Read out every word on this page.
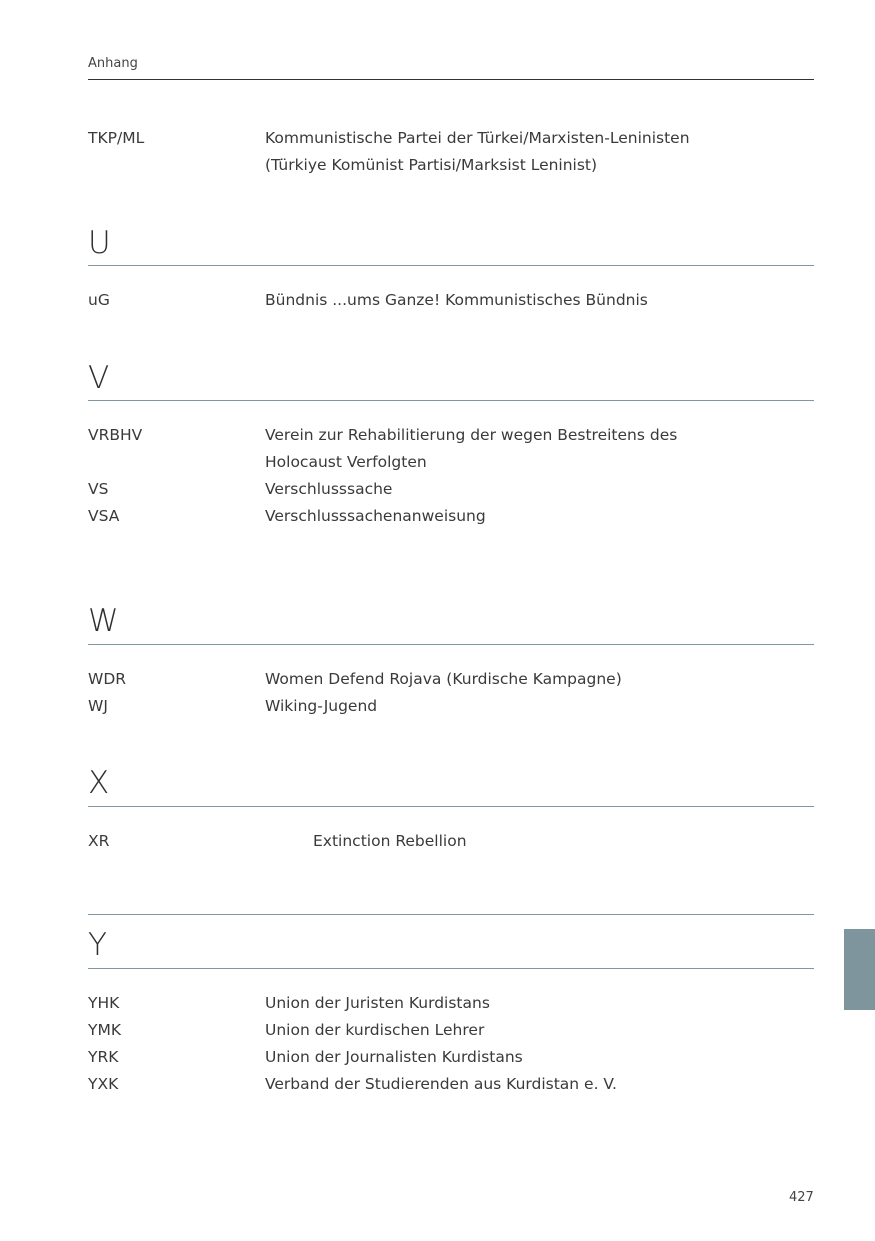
Anhang
TKP/ML	Kommunistische Partei der Türkei/Marxisten-Leninisten
(Türkiye Komünist Partisi/Marksist Leninist)
U
uG	Bündnis ...ums Ganze! Kommunistisches Bündnis
V
VRBHV	Verein zur Rehabilitierung der wegen Bestreitens des
Holocaust Verfolgten
VS	Verschlusssache
VSA	Verschlusssachenanweisung
W
WDR	Women Defend Rojava (Kurdische Kampagne)
WJ	Wiking-Jugend
X
XR	Extinction Rebellion
Y
YHK	Union der Juristen Kurdistans
YMK	Union der kurdischen Lehrer
YRK	Union der Journalisten Kurdistans
YXK	Verband der Studierenden aus Kurdistan e. V.
427
